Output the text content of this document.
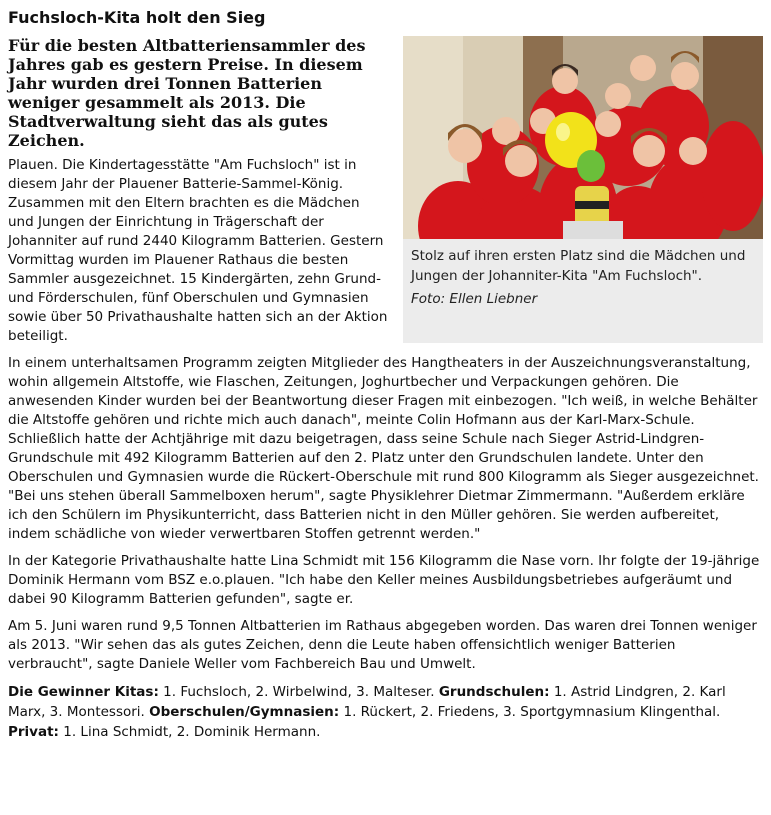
Fuchsloch-Kita holt den Sieg
Stolz auf ihren ersten Platz sind die Mädchen und Jungen der Johanniter-Kita "Am Fuchsloch".
Foto: Ellen Liebner
Für die besten Altbatteriensammler des Jahres gab es gestern Preise. In diesem Jahr wurden drei Tonnen Batterien weniger gesammelt als 2013. Die Stadtverwaltung sieht das als gutes Zeichen.

Plauen. Die Kindertagesstätte "Am Fuchsloch" ist in diesem Jahr der Plauener Batterie-Sammel-König. Zusammen mit den Eltern brachten es die Mädchen und Jungen der Einrichtung in Trägerschaft der Johanniter auf rund 2440 Kilogramm Batterien. Gestern Vormittag wurden im Plauener Rathaus die besten Sammler ausgezeichnet. 15 Kindergärten, zehn Grund- und Förderschulen, fünf Oberschulen und Gymnasien sowie über 50 Privathaushalte hatten sich an der Aktion beteiligt.

In einem unterhaltsamen Programm zeigten Mitglieder des Hangtheaters in der Auszeichnungsveranstaltung, wohin allgemein Altstoffe, wie Flaschen, Zeitungen, Joghurtbecher und Verpackungen gehören. Die anwesenden Kinder wurden bei der Beantwortung dieser Fragen mit einbezogen. "Ich weiß, in welche Behälter die Altstoffe gehören und richte mich auch danach", meinte Colin Hofmann aus der Karl-Marx-Schule. Schließlich hatte der Achtjährige mit dazu beigetragen, dass seine Schule nach Sieger Astrid-Lindgren-Grundschule mit 492 Kilogramm Batterien auf den 2. Platz unter den Grundschulen landete. Unter den Oberschulen und Gymnasien wurde die Rückert-Oberschule mit rund 800 Kilogramm als Sieger ausgezeichnet. "Bei uns stehen überall Sammelboxen herum", sagte Physiklehrer Dietmar Zimmermann. "Außerdem erkläre ich den Schülern im Physikunterricht, dass Batterien nicht in den Müller gehören. Sie werden aufbereitet, indem schädliche von wieder verwertbaren Stoffen getrennt werden."

In der Kategorie Privathaushalte hatte Lina Schmidt mit 156 Kilogramm die Nase vorn. Ihr folgte der 19-jährige Dominik Hermann vom BSZ e.o.plauen. "Ich habe den Keller meines Ausbildungsbetriebes aufgeräumt und dabei 90 Kilogramm Batterien gefunden", sagte er.

Am 5. Juni waren rund 9,5 Tonnen Altbatterien im Rathaus abgegeben worden. Das waren drei Tonnen weniger als 2013. "Wir sehen das als gutes Zeichen, denn die Leute haben offensichtlich weniger Batterien verbraucht", sagte Daniele Weller vom Fachbereich Bau und Umwelt.

Die Gewinner Kitas: 1. Fuchsloch, 2. Wirbelwind, 3. Malteser. Grundschulen: 1. Astrid Lindgren, 2. Karl Marx, 3. Montessori. Oberschulen/Gymnasien: 1. Rückert, 2. Friedens, 3. Sportgymnasium Klingenthal. Privat: 1. Lina Schmidt, 2. Dominik Hermann.
